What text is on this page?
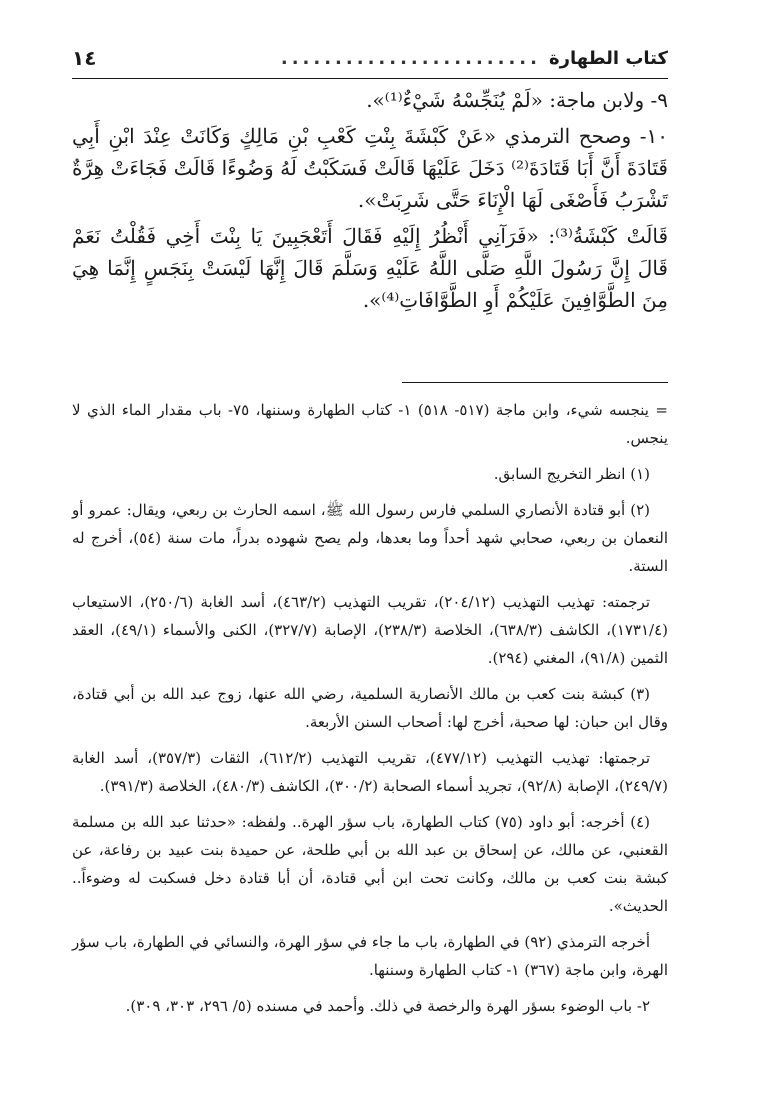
كتاب الطهارة
........................
١٤

٩- ولابن ماجة: «لَمْ يُنَجِّسْهُ شَيْءٌ⁽¹⁾».

١٠- وصحح الترمذي «عَنْ كَبْشَةَ بِنْتِ كَعْبِ بْنِ مَالِكٍ وَكَانَتْ عِنْدَ ابْنِ أَبِي قَتَادَةَ أَنَّ أَبَا قَتَادَةَ⁽²⁾ دَخَلَ عَلَيْهَا قَالَتْ فَسَكَبْتُ لَهُ وَضُوءًا قَالَتْ فَجَاءَتْ هِرَّةٌ تَشْرَبُ فَأَصْغَى لَهَا الْإِنَاءَ حَتَّى شَرِبَتْ».

قَالَتْ كَبْشَةُ⁽³⁾: «فَرَآنِي أَنْظُرُ إِلَيْهِ فَقَالَ أَتَعْجَبِينَ يَا بِنْتَ أَخِي فَقُلْتُ نَعَمْ قَالَ إِنَّ رَسُولَ اللَّهِ صَلَّى اللَّهُ عَلَيْهِ وَسَلَّمَ قَالَ إِنَّهَا لَيْسَتْ بِنَجَسٍ إِنَّمَا هِيَ مِنَ الطَّوَّافِينَ عَلَيْكُمْ أَوِ الطَّوَّافَاتِ⁽⁴⁾».

= ينجسه شيء، وابن ماجة (٥١٧- ٥١٨) ١- كتاب الطهارة وسننها، ٧٥- باب مقدار الماء الذي لا ينجس.

(١) انظر التخريج السابق.

(٢) أبو قتادة الأنصاري السلمي فارس رسول الله ﷺ، اسمه الحارث بن ربعي، ويقال: عمرو أو النعمان بن ربعي، صحابي شهد أحداً وما بعدها، ولم يصح شهوده بدراً، مات سنة (٥٤)، أخرج له الستة.

ترجمته: تهذيب التهذيب (٢٠٤/١٢)، تقريب التهذيب (٤٦٣/٢)، أسد الغابة (٢٥٠/٦)، الاستيعاب (١٧٣١/٤)، الكاشف (٦٣٨/٣)، الخلاصة (٢٣٨/٣)، الإصابة (٣٢٧/٧)، الكنى والأسماء (٤٩/١)، العقد الثمين (٩١/٨)، المغني (٢٩٤).

(٣) كبشة بنت كعب بن مالك الأنصارية السلمية، رضي الله عنها، زوج عبد الله بن أبي قتادة، وقال ابن حبان: لها صحبة، أخرج لها: أصحاب السنن الأربعة.

ترجمتها: تهذيب التهذيب (٤٧٧/١٢)، تقريب التهذيب (٦١٢/٢)، الثقات (٣٥٧/٣)، أسد الغابة (٢٤٩/٧)، الإصابة (٩٢/٨)، تجريد أسماء الصحابة (٣٠٠/٢)، الكاشف (٤٨٠/٣)، الخلاصة (٣٩١/٣).

(٤) أخرجه: أبو داود (٧٥) كتاب الطهارة، باب سؤر الهرة.. ولفظه: «حدثنا عبد الله بن مسلمة القعنبي، عن مالك، عن إسحاق بن عبد الله بن أبي طلحة، عن حميدة بنت عبيد بن رفاعة، عن كبشة بنت كعب بن مالك، وكانت تحت ابن أبي قتادة، أن أبا قتادة دخل فسكبت له وضوءاً.. الحديث».

أخرجه الترمذي (٩٢) في الطهارة، باب ما جاء في سؤر الهرة، والنسائي في الطهارة، باب سؤر الهرة، وابن ماجة (٣٦٧) ١- كتاب الطهارة وسننها.

٢- باب الوضوء بسؤر الهرة والرخصة في ذلك. وأحمد في مسنده (٥/ ٢٩٦، ٣٠٣، ٣٠٩).
